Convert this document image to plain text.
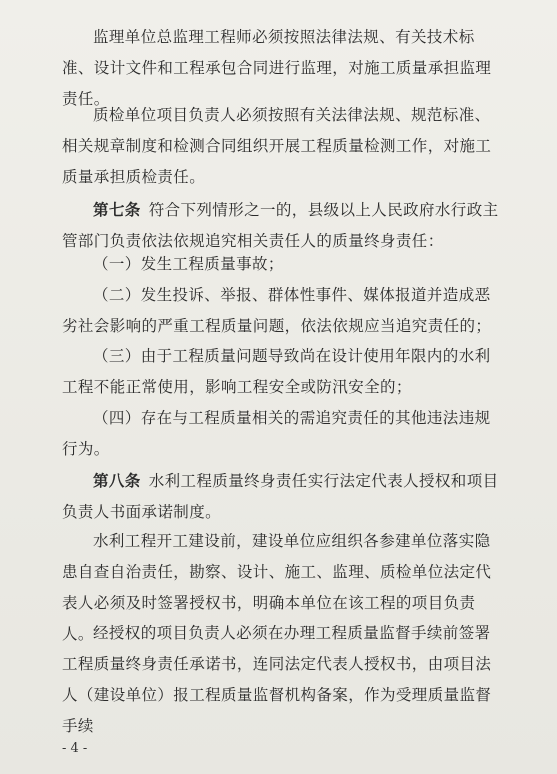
监理单位总监理工程师必须按照法律法规、有关技术标准、设计文件和工程承包合同进行监理，对施工质量承担监理责任。

质检单位项目负责人必须按照有关法律法规、规范标准、相关规章制度和检测合同组织开展工程质量检测工作，对施工质量承担质检责任。

第七条 符合下列情形之一的，县级以上人民政府水行政主管部门负责依法依规追究相关责任人的质量终身责任：

（一）发生工程质量事故；

（二）发生投诉、举报、群体性事件、媒体报道并造成恶劣社会影响的严重工程质量问题，依法依规应当追究责任的；

（三）由于工程质量问题导致尚在设计使用年限内的水利工程不能正常使用，影响工程安全或防汛安全的；

（四）存在与工程质量相关的需追究责任的其他违法违规行为。

第八条 水利工程质量终身责任实行法定代表人授权和项目负责人书面承诺制度。

水利工程开工建设前，建设单位应组织各参建单位落实隐患自查自治责任，勘察、设计、施工、监理、质检单位法定代表人必须及时签署授权书，明确本单位在该工程的项目负责人。 经授权的项目负责人必须在办理工程质量监督手续前签署工程质量终身责任承诺书，连同法定代表人授权书，由项目法人（建设单位）报工程质量监督机构备案，作为受理质量监督手续

- 4 -
